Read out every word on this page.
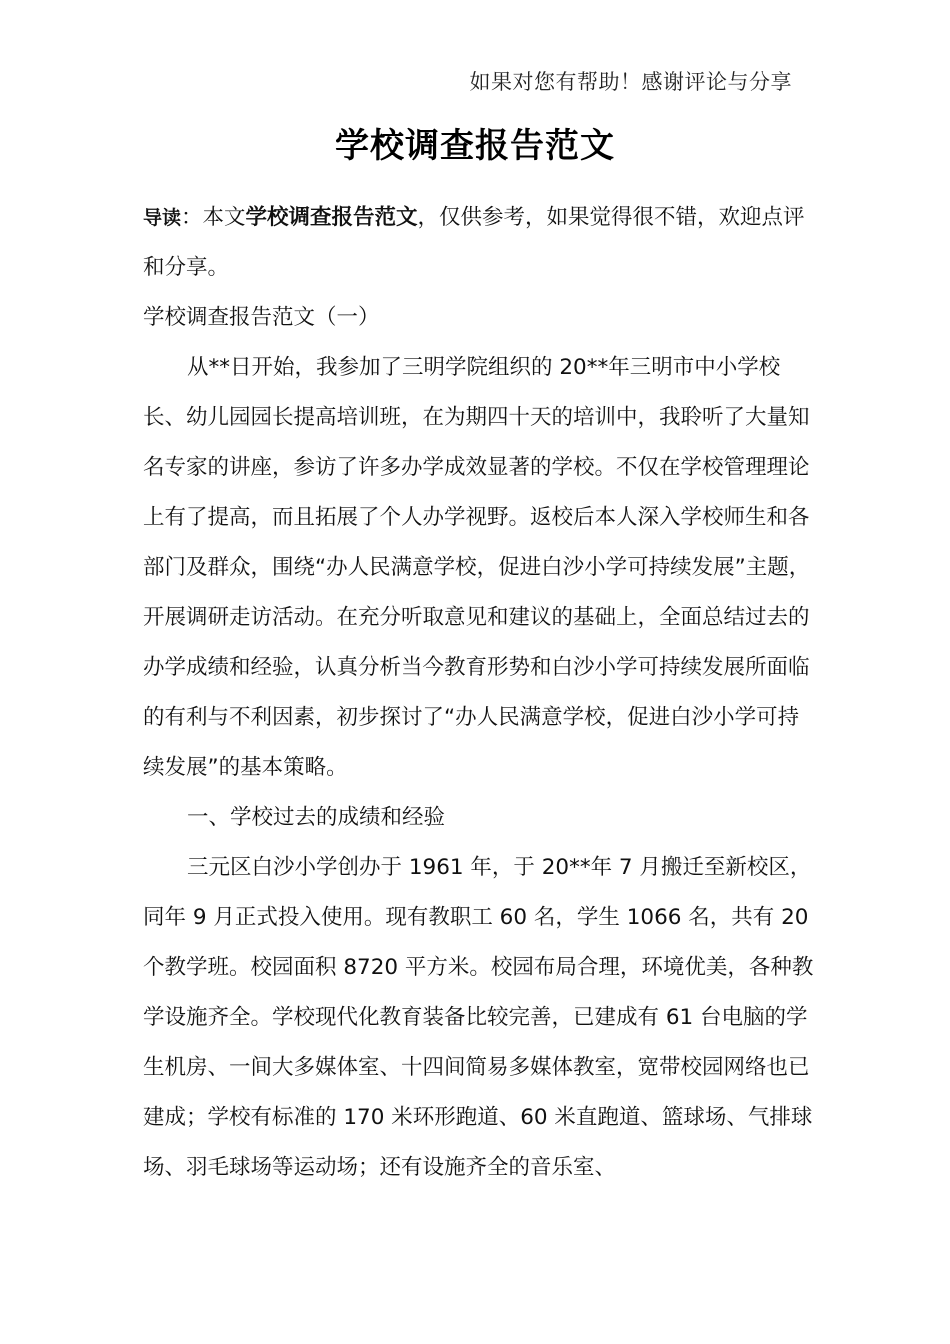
如果对您有帮助！感谢评论与分享
学校调查报告范文

导读：本文学校调查报告范文，仅供参考，如果觉得很不错，欢迎点评和分享。

学校调查报告范文（一）

从**日开始，我参加了三明学院组织的 20**年三明市中小学校长、幼儿园园长提高培训班，在为期四十天的培训中，我聆听了大量知名专家的讲座，参访了许多办学成效显著的学校。不仅在学校管理理论上有了提高，而且拓展了个人办学视野。返校后本人深入学校师生和各部门及群众，围绕“办人民满意学校，促进白沙小学可持续发展”主题，开展调研走访活动。在充分听取意见和建议的基础上，全面总结过去的办学成绩和经验，认真分析当今教育形势和白沙小学可持续发展所面临的有利与不利因素，初步探讨了“办人民满意学校，促进白沙小学可持续发展”的基本策略。

一、学校过去的成绩和经验

三元区白沙小学创办于 1961 年，于 20**年 7 月搬迁至新校区，同年 9 月正式投入使用。现有教职工 60 名，学生 1066 名，共有 20 个教学班。校园面积 8720 平方米。校园布局合理，环境优美，各种教学设施齐全。学校现代化教育装备比较完善，已建成有 61 台电脑的学生机房、一间大多媒体室、十四间简易多媒体教室，宽带校园网络也已建成；学校有标准的 170 米环形跑道、60 米直跑道、篮球场、气排球场、羽毛球场等运动场；还有设施齐全的音乐室、
